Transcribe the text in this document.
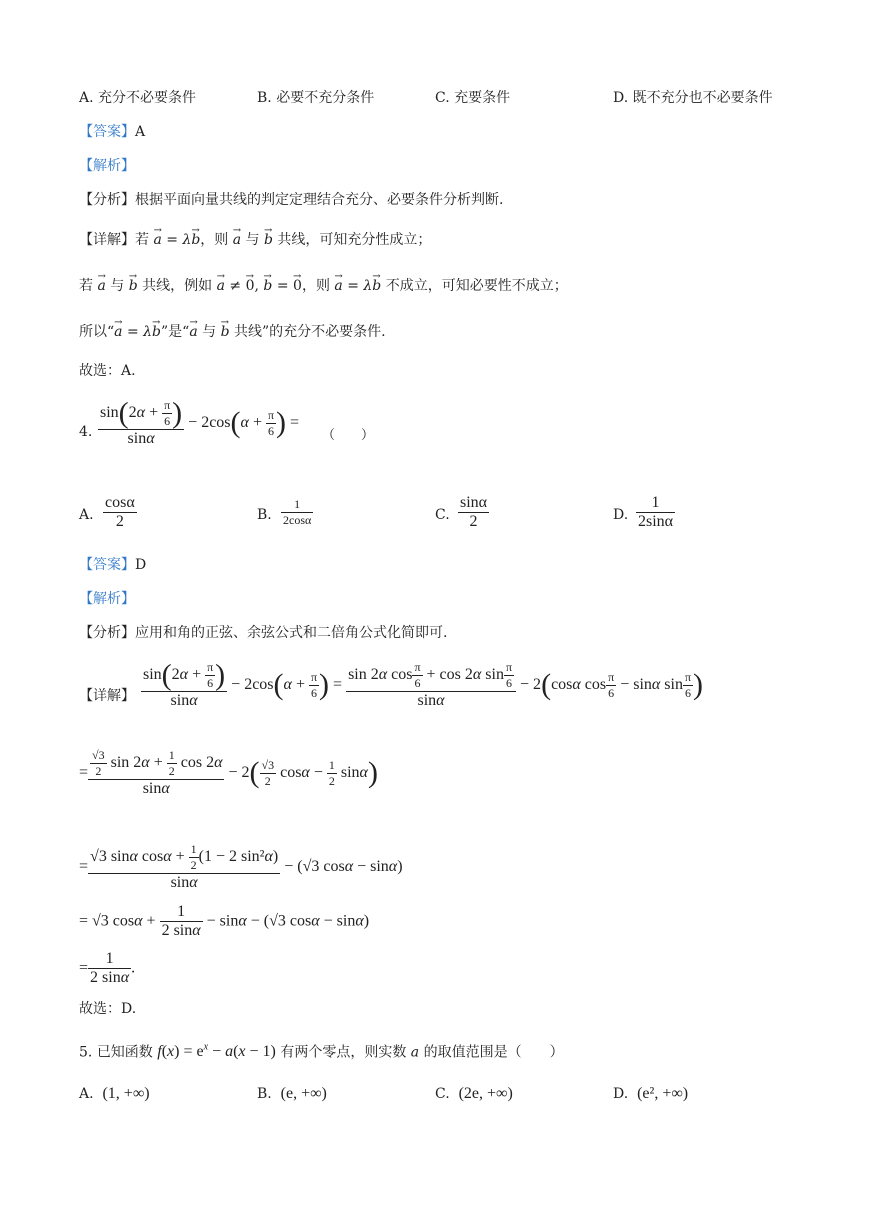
A. 充分不必要条件	B. 必要不充分条件	C. 充要条件	D. 既不充分也不必要条件
【答案】A
【解析】
【分析】根据平面向量共线的判定定理结合充分、必要条件分析判断.
【详解】若 → a = λ→ b，则 → a 与 → b 共线，可知充分性成立；
若 → a 与 → b 共线，例如 → a ≠ → 0, → b = → 0，则 → a = λ→ b 不成立，可知必要性不成立；
所以“→ a = λ→ b”是“→ a 与 → b 共线”的充分不必要条件.
故选：A.
4. $\frac{\sin(2\alpha + \frac{\pi}{6} )}{\sin\alpha} - 2\cos(\alpha + \frac{\pi}{6}$ ) =
（　　）
A. $\frac{\cos\alpha}{2}$	B. $\frac{1}{2\cos\alpha}$	C. $\frac{\sin\alpha}{2}$	D. $\frac{1}{2\sin\alpha}$
【答案】D
【解析】
【分析】应用和角的正弦、余弦公式和二倍角公式化简即可.
【详解】 $\frac{\sin(2\alpha + \frac{\pi}{6} )}{\sin\alpha} - 2\cos(\alpha + \frac{\pi}{6}$ ) = $\frac{\sin 2\alpha \cos \frac{\pi}{6} + \cos 2\alpha \sin \frac{\pi}{6}}{\sin\alpha} - 2(\cos\alpha$ $\cos \frac{\pi}{6} - \sin\alpha$ $\sin \frac{\pi}{6}$ )
= $\frac{\frac{√3}{2} \sin 2\alpha + \frac{1}{2} \cos 2\alpha}{\sin\alpha} - 2( \frac{√3}{2}$ $\cos\alpha - \frac{1}{2} \sin\alpha$)
= $\frac{√3 \sin\alpha \cos\alpha + \frac{1}{2} (1 - 2 \sin^2\alpha)}{\sin\alpha} - (√3$ cosα − sinα)
= √3 $\cos\alpha + \frac{1}{2 \sin\alpha} - \sin\alpha - (√3$ cosα − sinα)
= $\frac{1}{2 \sin\alpha}$ .
故选：D.
5. 已知函数 $f(x) = e^x - a(x - 1)$ 有两个零点，则实数 a 的取值范围是（　　）
A. (1, +∞)	B. (e, +∞)	C. (2e, +∞)	D. (e², +∞)
